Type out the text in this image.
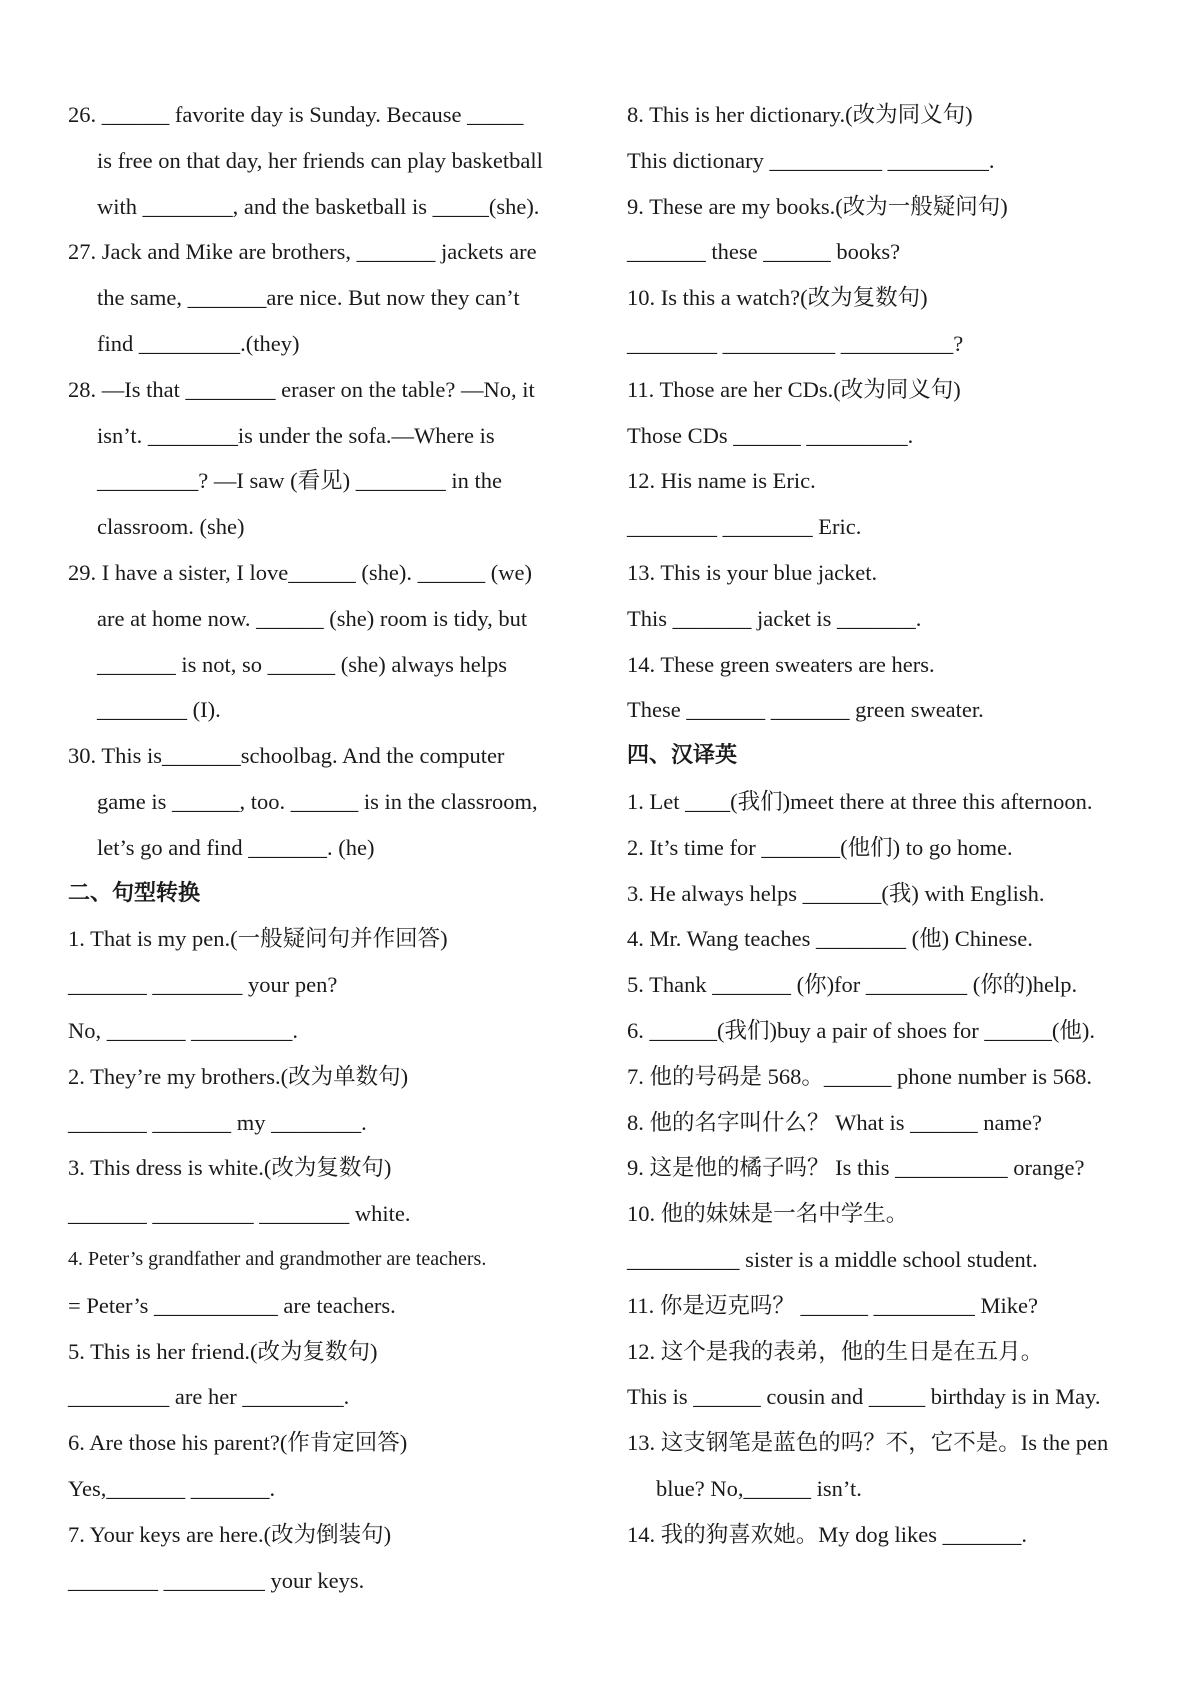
26. ______ favorite day is Sunday. Because _____
is free on that day, her friends can play basketball
with ________, and the basketball is _____(she).
27. Jack and Mike are brothers, _______ jackets are
the same, _______are nice. But now they can’t
find _________.(they)
28. —Is that ________ eraser on the table? —No, it
isn’t. ________is under the sofa.—Where is
_________? —I saw (看见) ________ in the
classroom. (she)
29. I have a sister, I love______ (she). ______ (we)
are at home now. ______ (she) room is tidy, but
_______ is not, so ______ (she) always helps
________ (I).
30. This is_______schoolbag. And the computer
game is ______, too. ______ is in the classroom,
let’s go and find _______. (he)
二、句型转换
1. That is my pen.(一般疑问句并作回答)
_______ ________ your pen?
No, _______ _________.
2. They’re my brothers.(改为单数句)
_______ _______ my ________.
3. This dress is white.(改为复数句)
_______ _________ ________ white.
4. Peter’s grandfather and grandmother are teachers.
= Peter’s ___________ are teachers.
5. This is her friend.(改为复数句)
_________ are her _________.
6. Are those his parent?(作肯定回答)
Yes,_______ _______.
7. Your keys are here.(改为倒装句)
________ _________ your keys.
8. This is her dictionary.(改为同义句)
This dictionary __________ _________.
9. These are my books.(改为一般疑问句)
_______ these ______ books?
10. Is this a watch?(改为复数句)
________ __________ __________?
11. Those are her CDs.(改为同义句)
Those CDs ______ _________.
12. His name is Eric.
________ ________ Eric.
13. This is your blue jacket.
This _______ jacket is _______.
14. These green sweaters are hers.
These _______ _______ green sweater.
四、汉译英
1. Let ____(我们)meet there at three this afternoon.
2. It’s time for _______(他们) to go home.
3. He always helps _______(我) with English.
4. Mr. Wang teaches ________ (他) Chinese.
5. Thank _______ (你)for _________ (你的)help.
6. ______(我们)buy a pair of shoes for ______(他).
7. 他的号码是 568。______ phone number is 568.
8. 他的名字叫什么？ What is ______ name?
9. 这是他的橘子吗？ Is this __________ orange?
10. 他的妹妹是一名中学生。
__________ sister is a middle school student.
11. 你是迈克吗？ ______ _________ Mike?
12. 这个是我的表弟，他的生日是在五月。
This is ______ cousin and _____ birthday is in May.
13. 这支钢笔是蓝色的吗？不，它不是。Is the pen
blue? No,______ isn’t.
14. 我的狗喜欢她。My dog likes _______.
